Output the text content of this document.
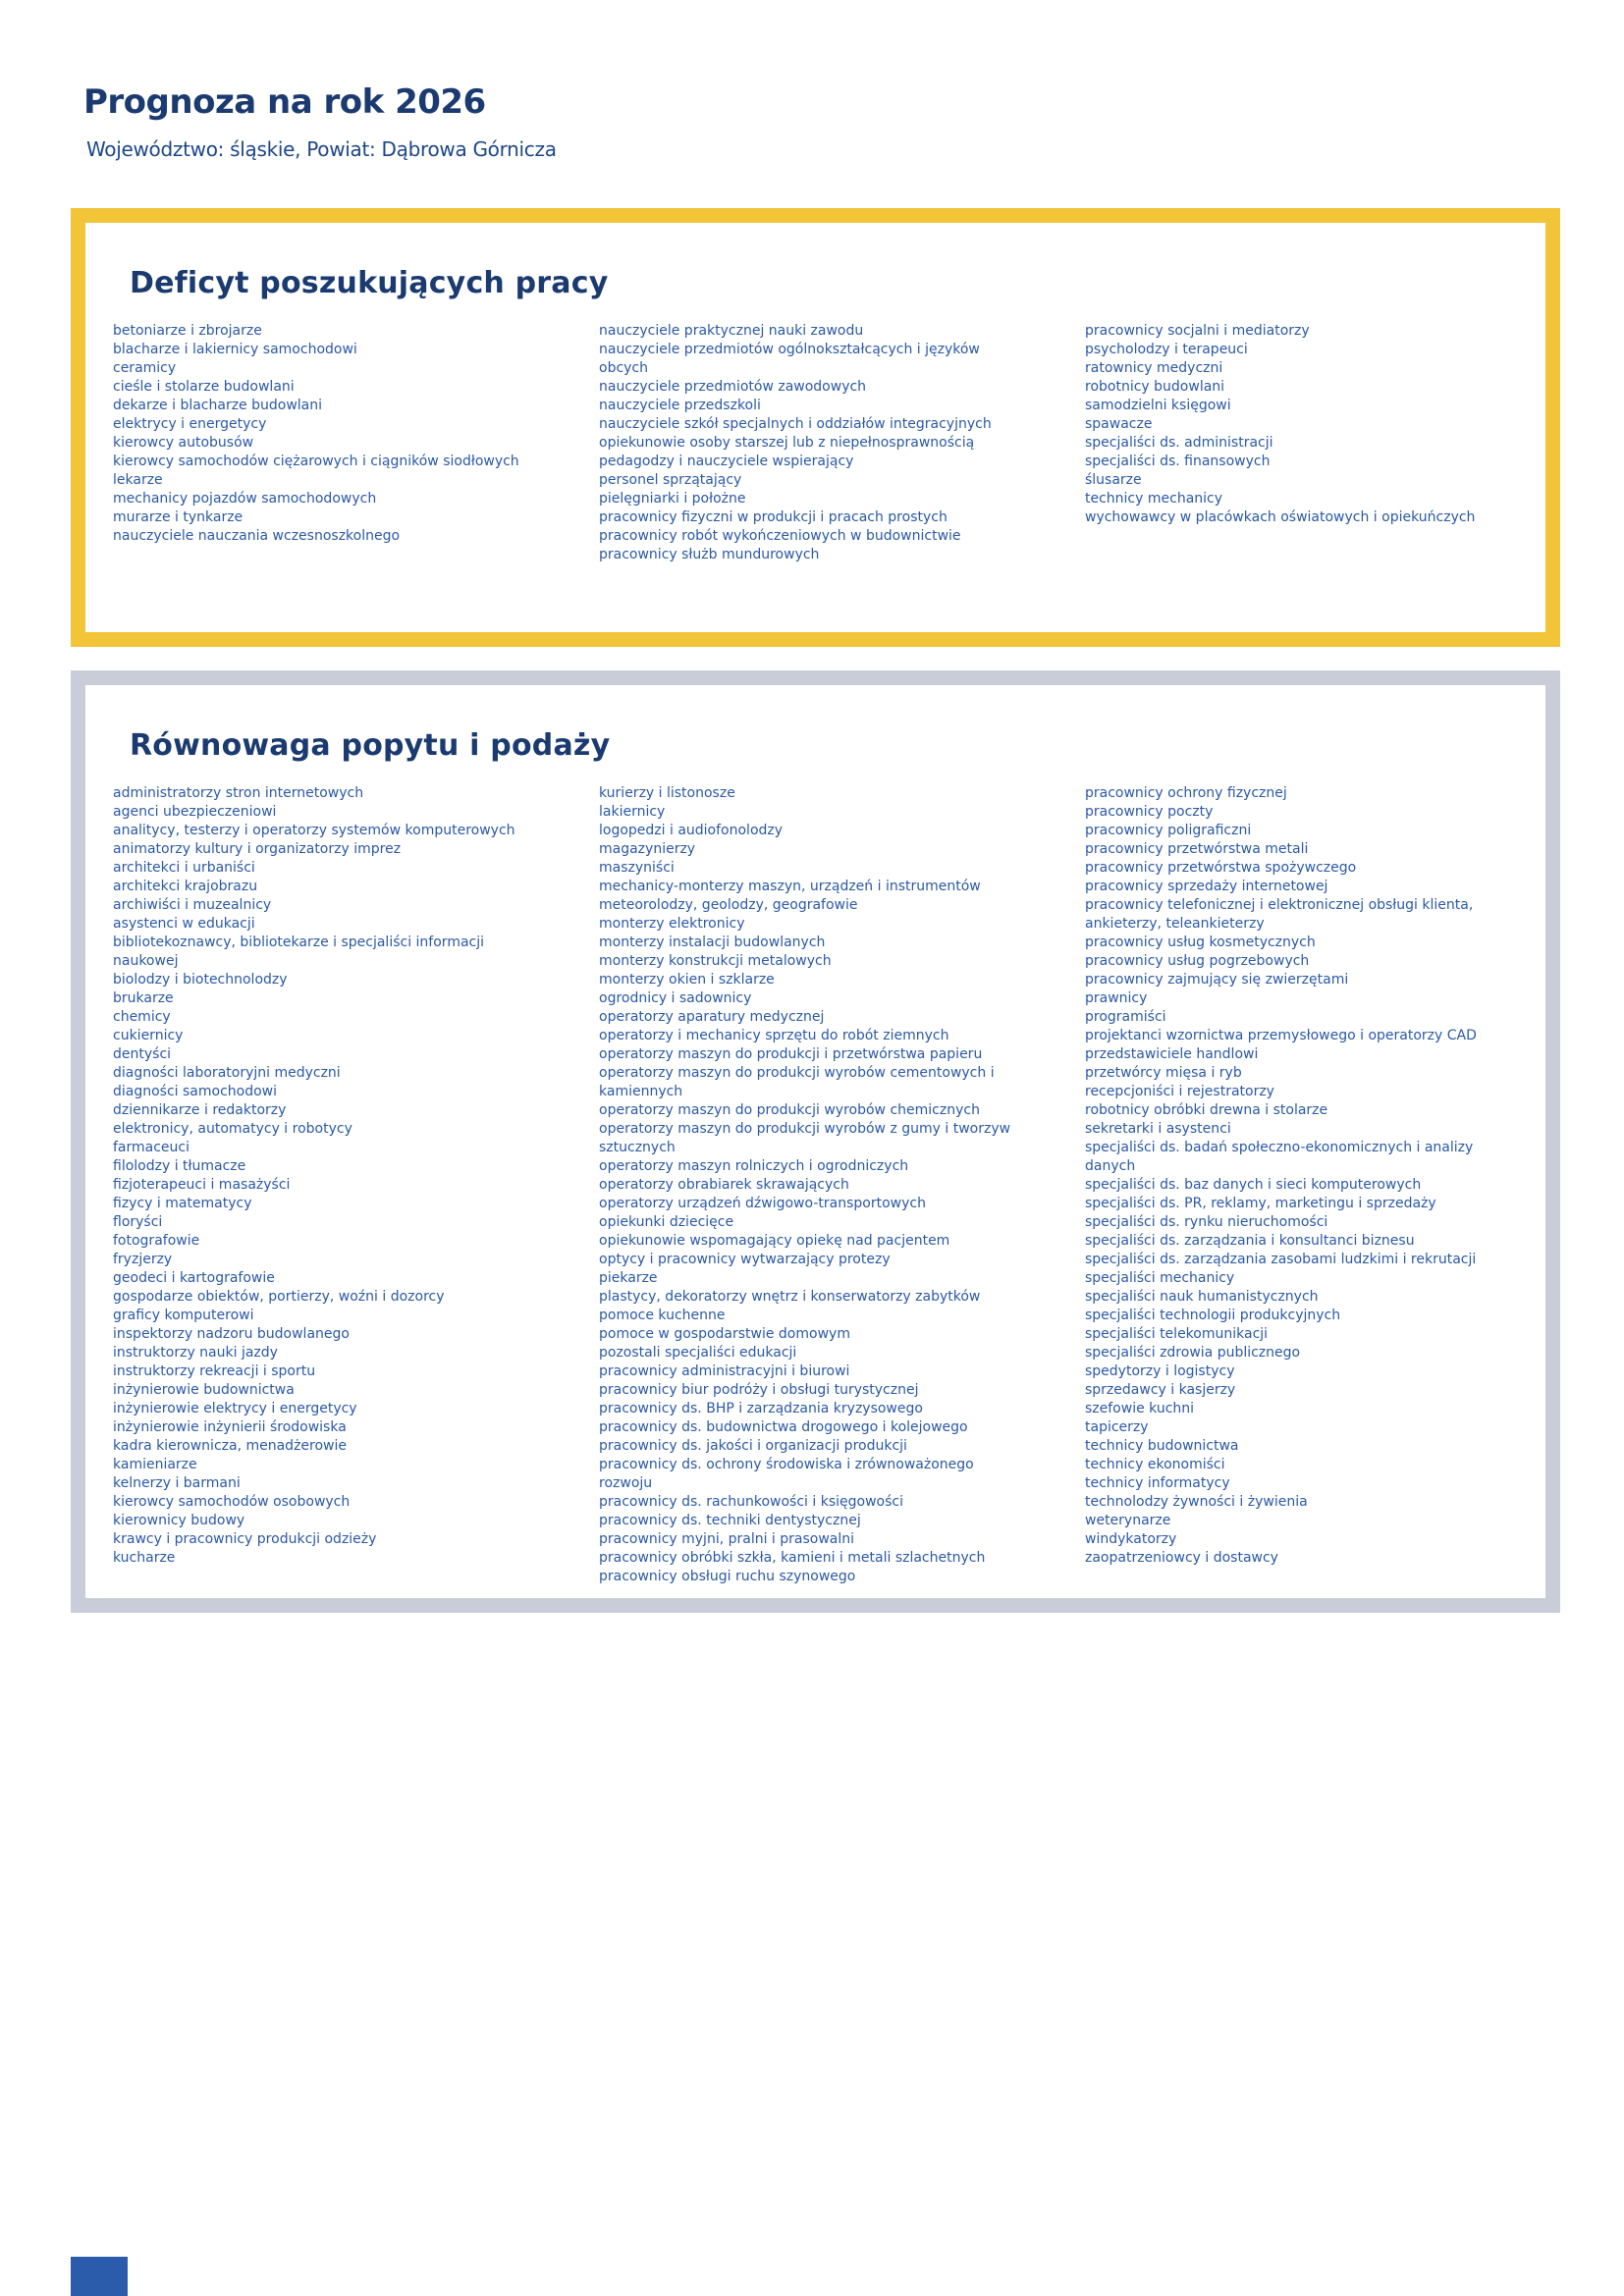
Prognoza na rok 2026
Województwo: śląskie, Powiat: Dąbrowa Górnicza
Deficyt poszukujących pracy
betoniarze i zbrojarze
blacharze i lakiernicy samochodowi
ceramicy
cieśle i stolarze budowlani
dekarze i blacharze budowlani
elektrycy i energetycy
kierowcy autobusów
kierowcy samochodów ciężarowych i ciągników siodłowych
lekarze
mechanicy pojazdów samochodowych
murarze i tynkarze
nauczyciele nauczania wczesnoszkolnego
nauczyciele praktycznej nauki zawodu
nauczyciele przedmiotów ogólnokształcących i języków obcych
nauczyciele przedmiotów zawodowych
nauczyciele przedszkoli
nauczyciele szkół specjalnych i oddziałów integracyjnych
opiekunowie osoby starszej lub z niepełnosprawnością
pedagodzy i nauczyciele wspierający
personel sprzątający
pielęgniarki i położne
pracownicy fizyczni w produkcji i pracach prostych
pracownicy robót wykończeniowych w budownictwie
pracownicy służb mundurowych
pracownicy socjalni i mediatorzy
psycholodzy i terapeuci
ratownicy medyczni
robotnicy budowlani
samodzielni księgowi
spawacze
specjaliści ds. administracji
specjaliści ds. finansowych
ślusarze
technicy mechanicy
wychowawcy w placówkach oświatowych i opiekuńczych
Równowaga popytu i podaży
administratorzy stron internetowych
agenci ubezpieczeniowi
analitycy, testerzy i operatorzy systemów komputerowych
animatorzy kultury i organizatorzy imprez
architekci i urbaniści
architekci krajobrazu
archiwiści i muzealnicy
asystenci w edukacji
bibliotekoznawcy, bibliotekarze i specjaliści informacji naukowej
biolodzy i biotechnolodzy
brukarze
chemicy
cukiernicy
dentyści
diagności laboratoryjni medyczni
diagności samochodowi
dziennikarze i redaktorzy
elektronicy, automatycy i robotycy
farmaceuci
filolodzy i tłumacze
fizjoterapeuci i masażyści
fizycy i matematycy
floryści
fotografowie
fryzjerzy
geodeci i kartografowie
gospodarze obiektów, portierzy, woźni i dozorcy
graficy komputerowi
inspektorzy nadzoru budowlanego
instruktorzy nauki jazdy
instruktorzy rekreacji i sportu
inżynierowie budownictwa
inżynierowie elektrycy i energetycy
inżynierowie inżynierii środowiska
kadra kierownicza, menadżerowie
kamieniarze
kelnerzy i barmani
kierowcy samochodów osobowych
kierownicy budowy
krawcy i pracownicy produkcji odzieży
kucharze
kurierzy i listonosze
lakiernicy
logopedzi i audiofonolodzy
magazynierzy
maszyniści
mechanicy-monterzy maszyn, urządzeń i instrumentów
meteorolodzy, geolodzy, geografowie
monterzy elektronicy
monterzy instalacji budowlanych
monterzy konstrukcji metalowych
monterzy okien i szklarze
ogrodnicy i sadownicy
operatorzy aparatury medycznej
operatorzy i mechanicy sprzętu do robót ziemnych
operatorzy maszyn do produkcji i przetwórstwa papieru
operatorzy maszyn do produkcji wyrobów cementowych i kamiennych
operatorzy maszyn do produkcji wyrobów chemicznych
operatorzy maszyn do produkcji wyrobów z gumy i tworzyw sztucznych
operatorzy maszyn rolniczych i ogrodniczych
operatorzy obrabiarek skrawających
operatorzy urządzeń dźwigowo-transportowych
opiekunki dziecięce
opiekunowie wspomagający opiekę nad pacjentem
optycy i pracownicy wytwarzający protezy
piekarze
plastycy, dekoratorzy wnętrz i konserwatorzy zabytków
pomoce kuchenne
pomoce w gospodarstwie domowym
pozostali specjaliści edukacji
pracownicy administracyjni i biurowi
pracownicy biur podróży i obsługi turystycznej
pracownicy ds. BHP i zarządzania kryzysowego
pracownicy ds. budownictwa drogowego i kolejowego
pracownicy ds. jakości i organizacji produkcji
pracownicy ds. ochrony środowiska i zrównoważonego rozwoju
pracownicy ds. rachunkowości i księgowości
pracownicy ds. techniki dentystycznej
pracownicy myjni, pralni i prasowalni
pracownicy obróbki szkła, kamieni i metali szlachetnych
pracownicy obsługi ruchu szynowego
pracownicy ochrony fizycznej
pracownicy poczty
pracownicy poligraficzni
pracownicy przetwórstwa metali
pracownicy przetwórstwa spożywczego
pracownicy sprzedaży internetowej
pracownicy telefonicznej i elektronicznej obsługi klienta, ankieterzy, teleankieterzy
pracownicy usług kosmetycznych
pracownicy usług pogrzebowych
pracownicy zajmujący się zwierzętami
prawnicy
programiści
projektanci wzornictwa przemysłowego i operatorzy CAD
przedstawiciele handlowi
przetwórcy mięsa i ryb
recepcjoniści i rejestratorzy
robotnicy obróbki drewna i stolarze
sekretarki i asystenci
specjaliści ds. badań społeczno-ekonomicznych i analizy danych
specjaliści ds. baz danych i sieci komputerowych
specjaliści ds. PR, reklamy, marketingu i sprzedaży
specjaliści ds. rynku nieruchomości
specjaliści ds. zarządzania i konsultanci biznesu
specjaliści ds. zarządzania zasobami ludzkimi i rekrutacji
specjaliści mechanicy
specjaliści nauk humanistycznych
specjaliści technologii produkcyjnych
specjaliści telekomunikacji
specjaliści zdrowia publicznego
spedytorzy i logistycy
sprzedawcy i kasjerzy
szefowie kuchni
tapicerzy
technicy budownictwa
technicy ekonomiści
technicy informatycy
technolodzy żywności i żywienia
weterynarze
windykatorzy
zaopatrzeniowcy i dostawcy
